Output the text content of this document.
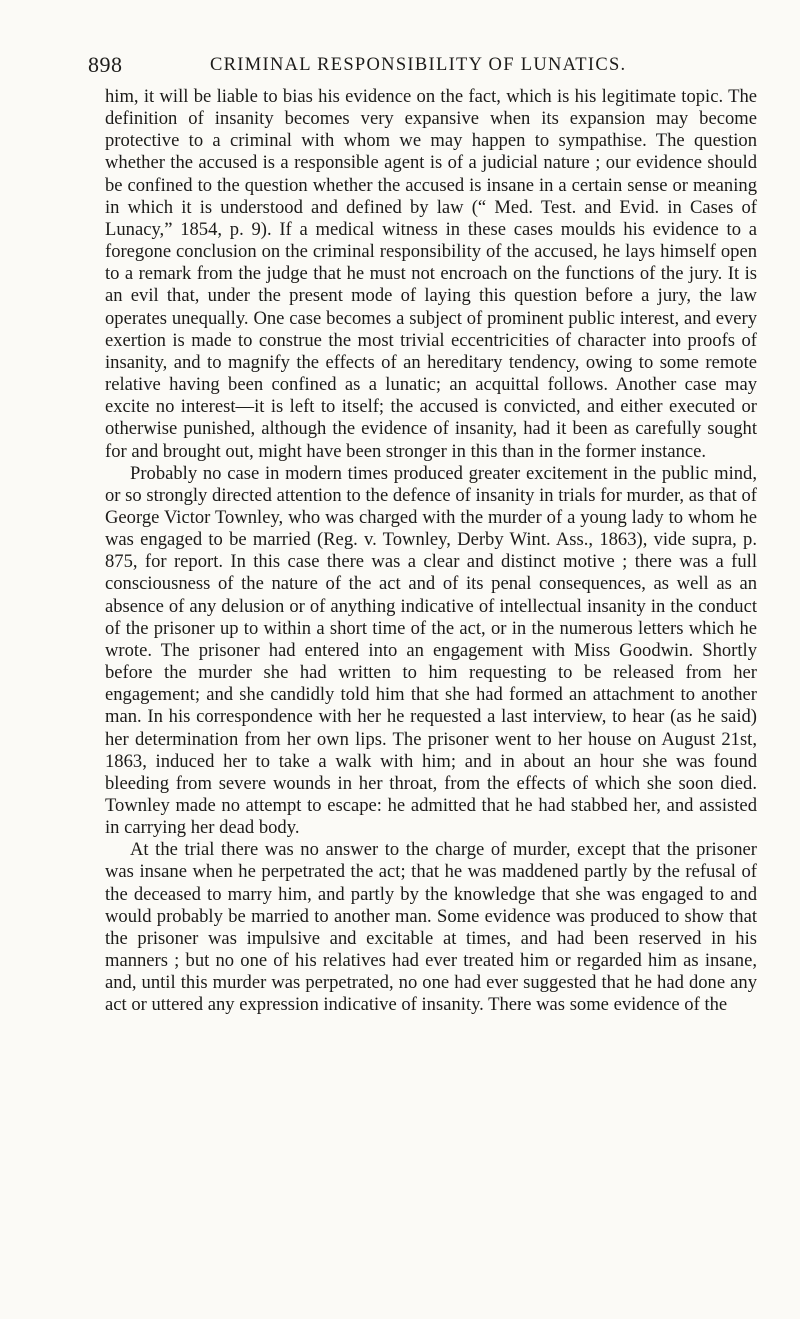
898	CRIMINAL RESPONSIBILITY OF LUNATICS.

him, it will be liable to bias his evidence on the fact, which is his legitimate topic. The definition of insanity becomes very expansive when its expansion may become protective to a criminal with whom we may happen to sympathise. The question whether the accused is a responsible agent is of a judicial nature ; our evidence should be confined to the question whether the accused is insane in a certain sense or meaning in which it is understood and defined by law (“ Med. Test. and Evid. in Cases of Lunacy,” 1854, p. 9). If a medical witness in these cases moulds his evidence to a foregone conclusion on the criminal responsibility of the accused, he lays himself open to a remark from the judge that he must not encroach on the functions of the jury. It is an evil that, under the present mode of laying this question before a jury, the law operates unequally. One case becomes a subject of prominent public interest, and every exertion is made to construe the most trivial eccentricities of character into proofs of insanity, and to magnify the effects of an hereditary tendency, owing to some remote relative having been confined as a lunatic; an acquittal follows. Another case may excite no interest—it is left to itself; the accused is convicted, and either executed or otherwise punished, although the evidence of insanity, had it been as carefully sought for and brought out, might have been stronger in this than in the former instance.

Probably no case in modern times produced greater excitement in the public mind, or so strongly directed attention to the defence of insanity in trials for murder, as that of George Victor Townley, who was charged with the murder of a young lady to whom he was engaged to be married (Reg. v. Townley, Derby Wint. Ass., 1863), vide supra, p. 875, for report. In this case there was a clear and distinct motive ; there was a full consciousness of the nature of the act and of its penal consequences, as well as an absence of any delusion or of anything indicative of intellectual insanity in the conduct of the prisoner up to within a short time of the act, or in the numerous letters which he wrote. The prisoner had entered into an engagement with Miss Goodwin. Shortly before the murder she had written to him requesting to be released from her engagement; and she candidly told him that she had formed an attachment to another man. In his correspondence with her he requested a last interview, to hear (as he said) her determination from her own lips. The prisoner went to her house on August 21st, 1863, induced her to take a walk with him; and in about an hour she was found bleeding from severe wounds in her throat, from the effects of which she soon died. Townley made no attempt to escape: he admitted that he had stabbed her, and assisted in carrying her dead body.

At the trial there was no answer to the charge of murder, except that the prisoner was insane when he perpetrated the act; that he was maddened partly by the refusal of the deceased to marry him, and partly by the knowledge that she was engaged to and would probably be married to another man. Some evidence was produced to show that the prisoner was impulsive and excitable at times, and had been reserved in his manners ; but no one of his relatives had ever treated him or regarded him as insane, and, until this murder was perpetrated, no one had ever suggested that he had done any act or uttered any expression indicative of insanity. There was some evidence of the
